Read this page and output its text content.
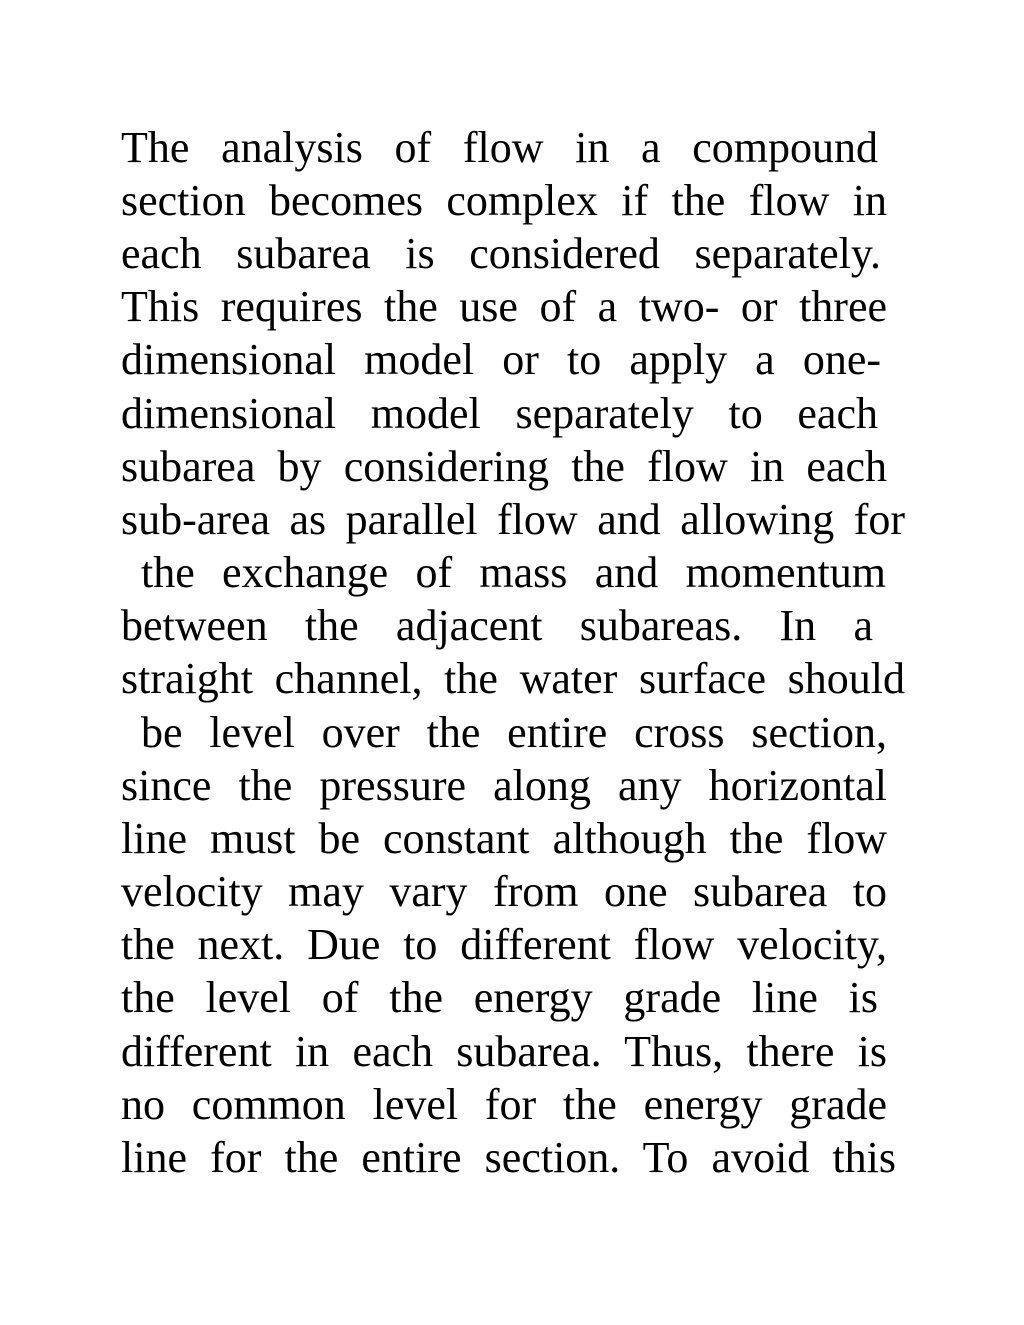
The analysis of flow in a compound
section becomes complex if the flow in
each subarea is considered separately.
This requires the use of a two- or three
dimensional model or to apply a one-
dimensional model separately to each
subarea by considering the flow in each
sub-area as parallel flow and allowing for
the exchange of mass and momentum
between the adjacent subareas. In a
straight channel, the water surface should
be level over the entire cross section,
since the pressure along any horizontal
line must be constant although the flow
velocity may vary from one subarea to
the next. Due to different flow velocity,
the level of the energy grade line is
different in each subarea. Thus, there is
no common level for the energy grade
line for the entire section. To avoid this
